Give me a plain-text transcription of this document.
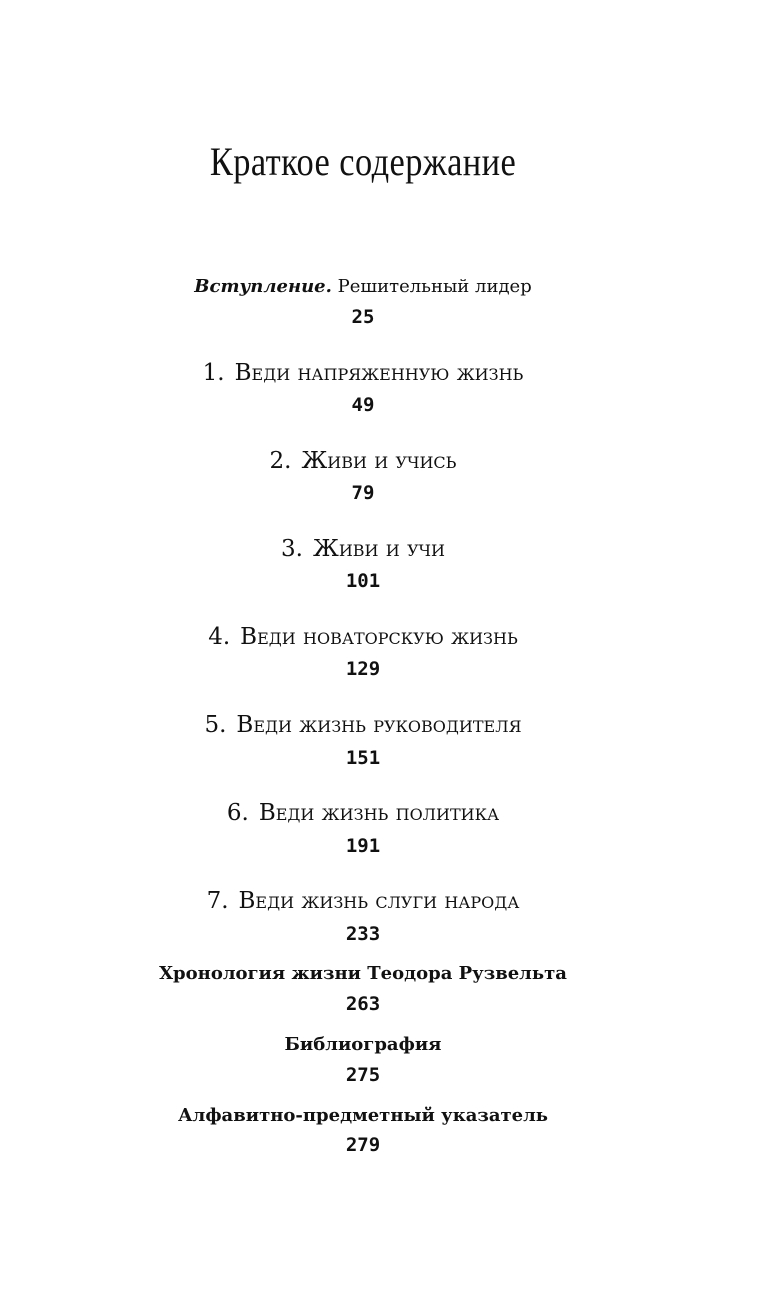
Краткое содержание
Вступление. Решительный лидер
25
1. Веди напряженную жизнь
49
2. Живи и учись
79
3. Живи и учи
101
4. Веди новаторскую жизнь
129
5. Веди жизнь руководителя
151
6. Веди жизнь политика
191
7. Веди жизнь слуги народа
233
Хронология жизни Теодора Рузвельта
263
Библиография
275
Алфавитно-предметный указатель
279
